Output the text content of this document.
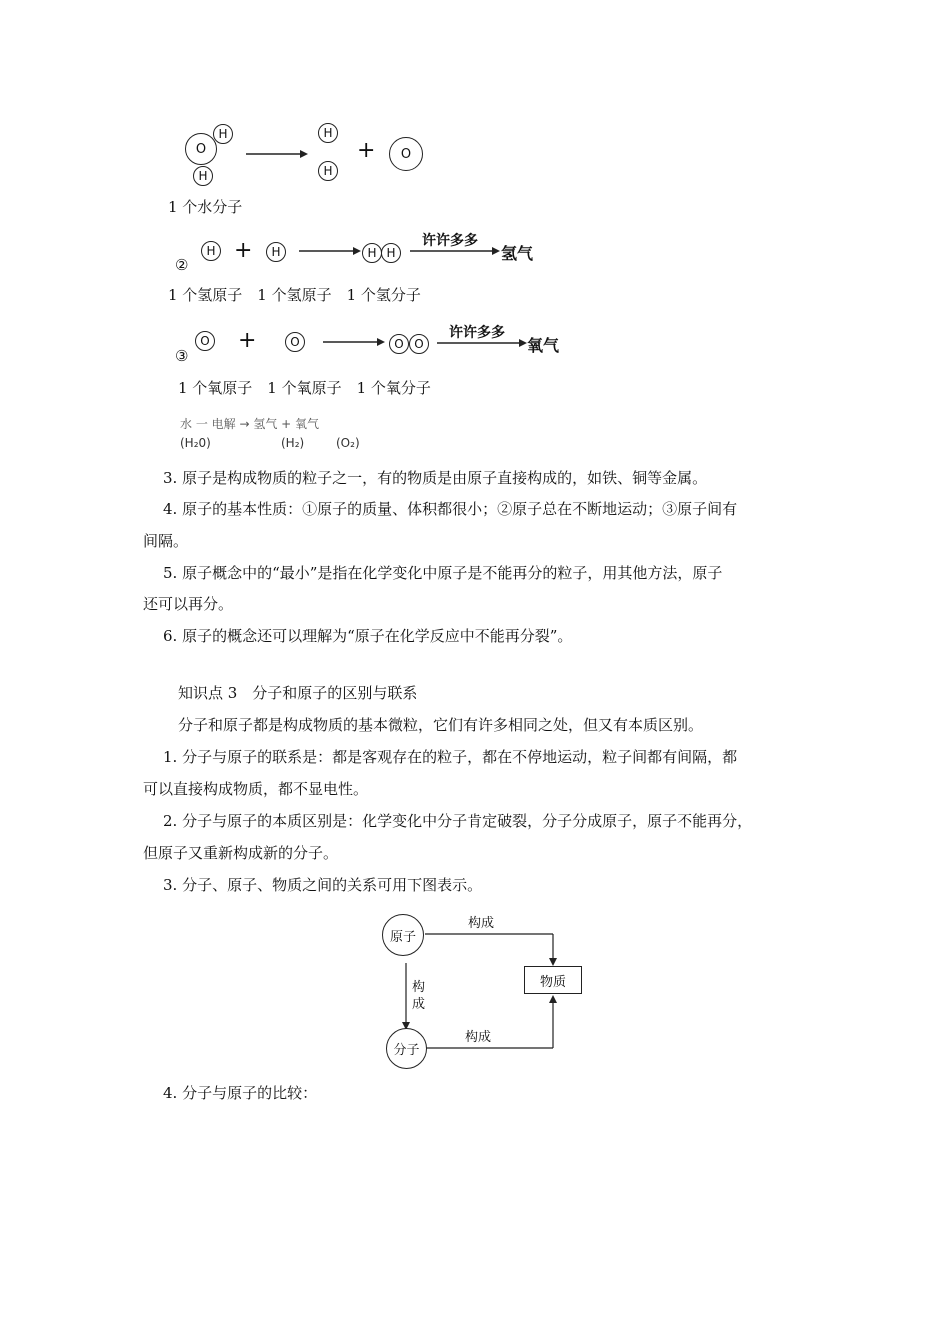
O
H
H
H
H
+ O
1 个水分子
②
H + H → H H
许许多多
氢气
1 个氢原子　1 个氢原子　1 个氢分子
③
O +	O → O O
许许多多
氧气
1 个氧原子　1 个氧原子　1 个氧分子
水 一 电解 → 氢气 + 氧气
(H₂0)	(H₂)	(O₂)
3. 原子是构成物质的粒子之一，有的物质是由原子直接构成的，如铁、铜等金属。
4. 原子的基本性质：①原子的质量、体积都很小；②原子总在不断地运动；③原子间有
间隔。
5. 原子概念中的“最小”是指在化学变化中原子是不能再分的粒子，用其他方法，原子
还可以再分。
6. 原子的概念还可以理解为“原子在化学反应中不能再分裂”。
知识点 3　分子和原子的区别与联系
分子和原子都是构成物质的基本微粒，它们有许多相同之处，但又有本质区别。
1. 分子与原子的联系是：都是客观存在的粒子，都在不停地运动，粒子间都有间隔，都
可以直接构成物质，都不显电性。
2. 分子与原子的本质区别是：化学变化中分子肯定破裂，分子分成原子，原子不能再分，
但原子又重新构成新的分子。
3. 分子、原子、物质之间的关系可用下图表示。
原子
分子
物质
构成
构成
构成
4. 分子与原子的比较：
